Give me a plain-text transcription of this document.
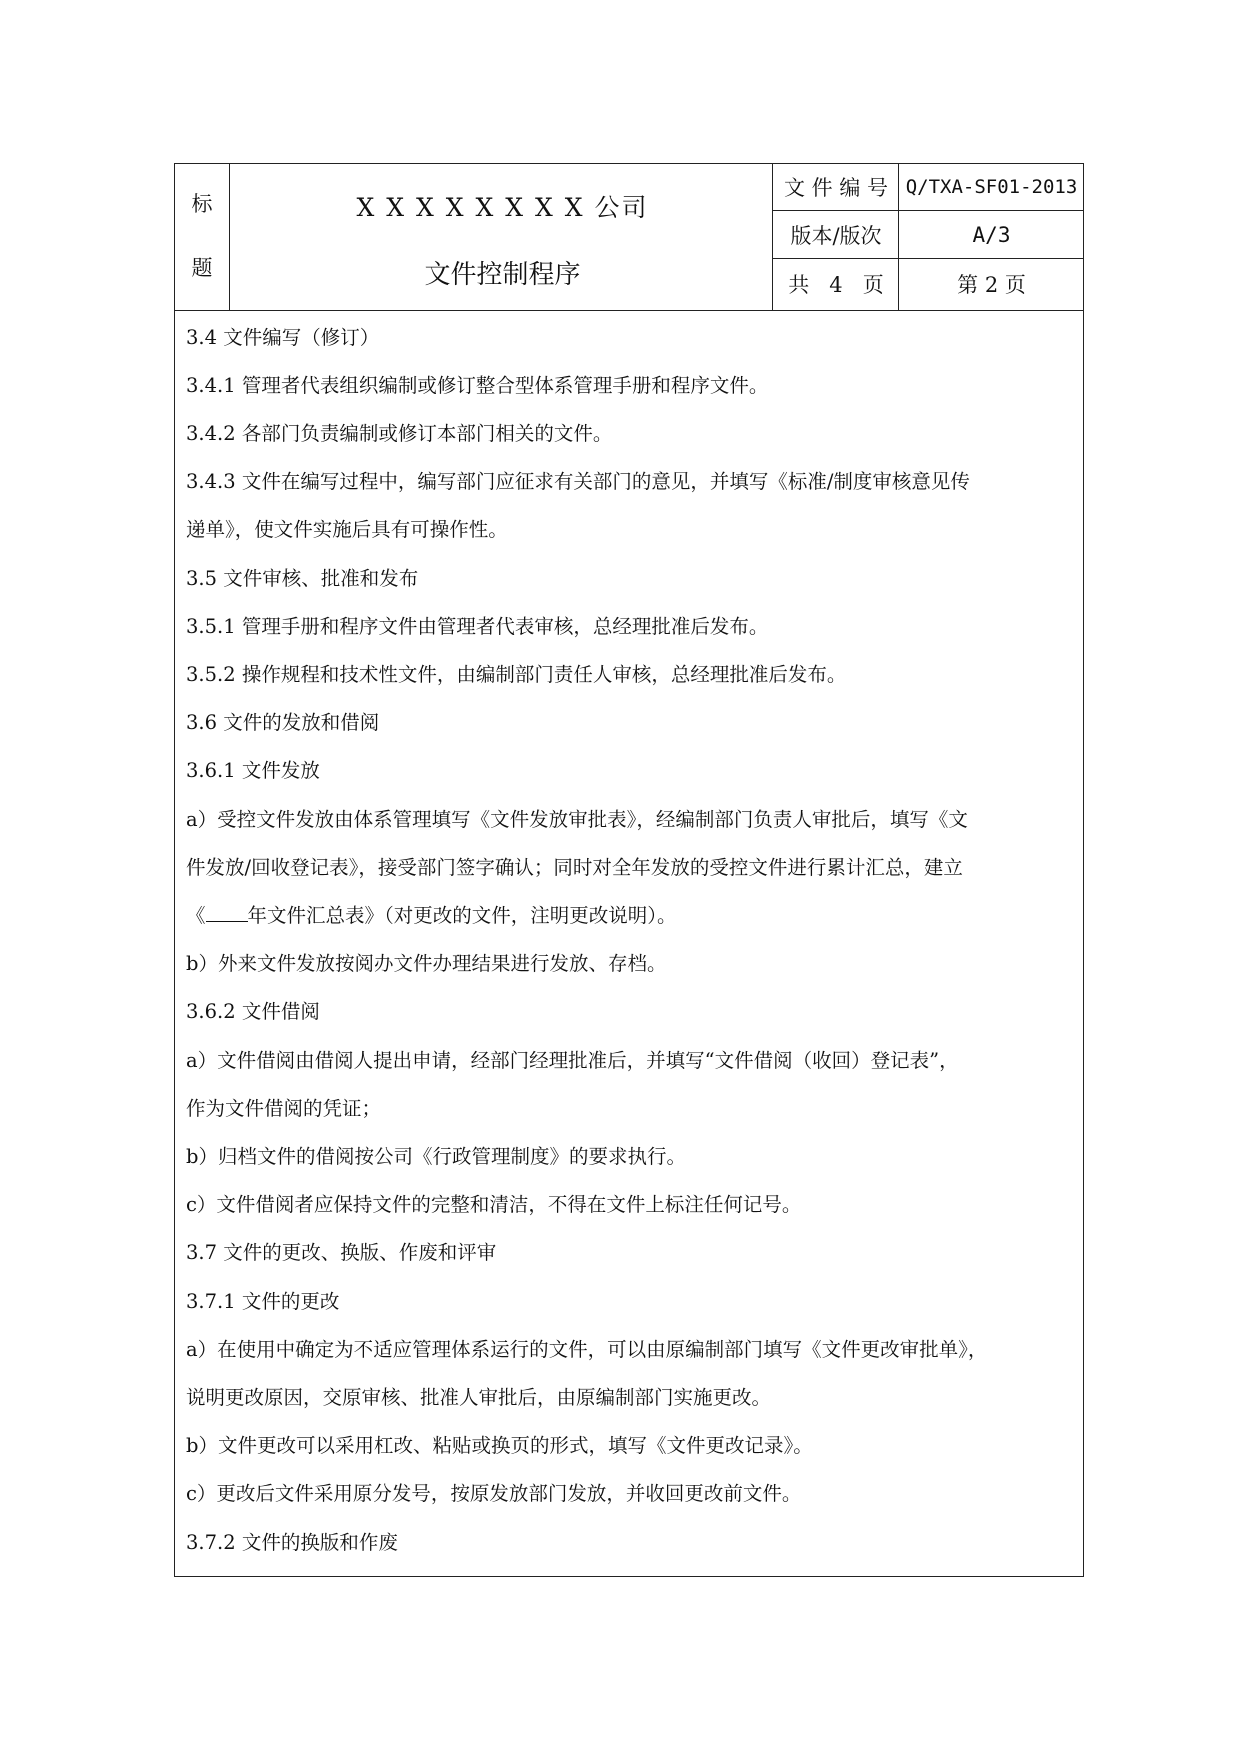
标
题
X X X X X X X X 公司
文件控制程序
文 件 编 号 Q/TXA-SF01-2013
版本/版次	A/3
共   4   页	第 2 页
3.4 文件编写（修订）
3.4.1 管理者代表组织编制或修订整合型体系管理手册和程序文件。
3.4.2 各部门负责编制或修订本部门相关的文件。
3.4.3 文件在编写过程中，编写部门应征求有关部门的意见，并填写《标准/制度审核意见传
递单》，使文件实施后具有可操作性。
3.5 文件审核、批准和发布
3.5.1 管理手册和程序文件由管理者代表审核，总经理批准后发布。
3.5.2 操作规程和技术性文件，由编制部门责任人审核，总经理批准后发布。
3.6 文件的发放和借阅
3.6.1 文件发放
a）受控文件发放由体系管理填写《文件发放审批表》，经编制部门负责人审批后，填写《文
件发放/回收登记表》，接受部门签字确认；同时对全年发放的受控文件进行累计汇总，建立
《 年文件汇总表》（对更改的文件，注明更改说明）。
b）外来文件发放按阅办文件办理结果进行发放、存档。
3.6.2 文件借阅
a）文件借阅由借阅人提出申请，经部门经理批准后，并填写“文件借阅（收回）登记表”，
作为文件借阅的凭证；
b）归档文件的借阅按公司《行政管理制度》的要求执行。
c）文件借阅者应保持文件的完整和清洁，不得在文件上标注任何记号。
3.7 文件的更改、换版、作废和评审
3.7.1 文件的更改
a）在使用中确定为不适应管理体系运行的文件，可以由原编制部门填写《文件更改审批单》，
说明更改原因，交原审核、批准人审批后，由原编制部门实施更改。
b）文件更改可以采用杠改、粘贴或换页的形式，填写《文件更改记录》。
c）更改后文件采用原分发号，按原发放部门发放，并收回更改前文件。
3.7.2 文件的换版和作废
